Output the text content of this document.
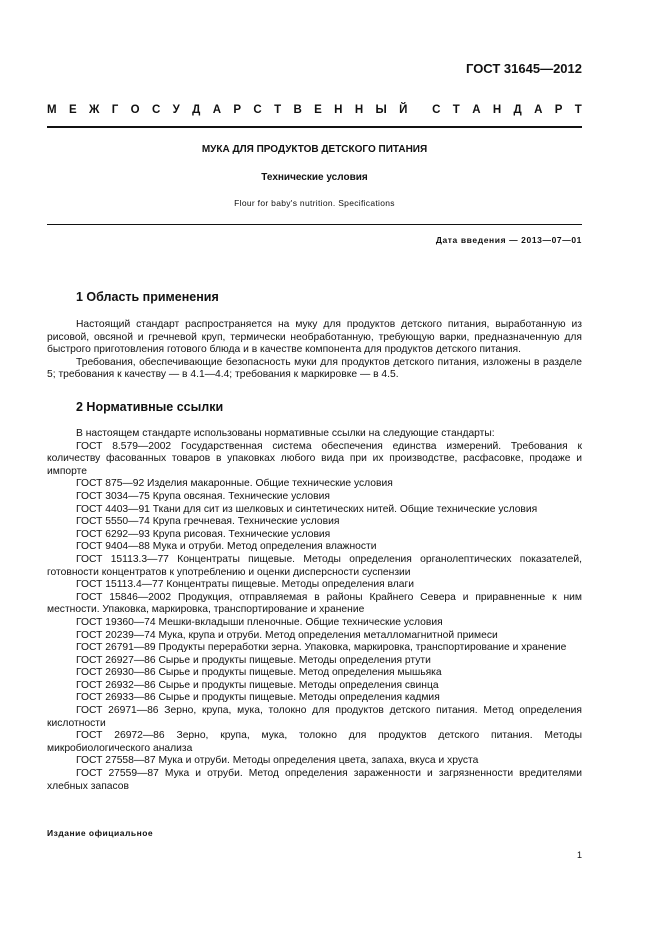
ГОСТ 31645—2012
М Е Ж Г О С У Д А Р С Т В Е Н Н Ы Й С Т А Н Д А Р Т
МУКА ДЛЯ ПРОДУКТОВ ДЕТСКОГО ПИТАНИЯ
Технические условия
Flour for baby's nutrition. Specifications
Дата введения — 2013—07—01
1 Область применения

Настоящий стандарт распространяется на муку для продуктов детского питания, выработанную из рисовой, овсяной и гречневой круп, термически необработанную, требующую варки, предназначенную для быстрого приготовления готового блюда и в качестве компонента для продуктов детского питания.

Требования, обеспечивающие безопасность муки для продуктов детского питания, изложены в разделе 5; требования к качеству — в 4.1—4.4; требования к маркировке — в 4.5.

2 Нормативные ссылки

В настоящем стандарте использованы нормативные ссылки на следующие стандарты:

ГОСТ 8.579—2002 Государственная система обеспечения единства измерений. Требования к количеству фасованных товаров в упаковках любого вида при их производстве, расфасовке, продаже и импорте

ГОСТ 875—92 Изделия макаронные. Общие технические условия

ГОСТ 3034—75 Крупа овсяная. Технические условия

ГОСТ 4403—91 Ткани для сит из шелковых и синтетических нитей. Общие технические условия

ГОСТ 5550—74 Крупа гречневая. Технические условия

ГОСТ 6292—93 Крупа рисовая. Технические условия

ГОСТ 9404—88 Мука и отруби. Метод определения влажности

ГОСТ 15113.3—77 Концентраты пищевые. Методы определения органолептических показателей, готовности концентратов к употреблению и оценки дисперсности суспензии

ГОСТ 15113.4—77 Концентраты пищевые. Методы определения влаги

ГОСТ 15846—2002 Продукция, отправляемая в районы Крайнего Севера и приравненные к ним местности. Упаковка, маркировка, транспортирование и хранение

ГОСТ 19360—74 Мешки-вкладыши пленочные. Общие технические условия

ГОСТ 20239—74 Мука, крупа и отруби. Метод определения металломагнитной примеси

ГОСТ 26791—89 Продукты переработки зерна. Упаковка, маркировка, транспортирование и хранение

ГОСТ 26927—86 Сырье и продукты пищевые. Методы определения ртути

ГОСТ 26930—86 Сырье и продукты пищевые. Метод определения мышьяка

ГОСТ 26932—86 Сырье и продукты пищевые. Методы определения свинца

ГОСТ 26933—86 Сырье и продукты пищевые. Методы определения кадмия

ГОСТ 26971—86 Зерно, крупа, мука, толокно для продуктов детского питания. Метод определения кислотности

ГОСТ 26972—86 Зерно, крупа, мука, толокно для продуктов детского питания. Методы микробиологического анализа

ГОСТ 27558—87 Мука и отруби. Методы определения цвета, запаха, вкуса и хруста

ГОСТ 27559—87 Мука и отруби. Метод определения зараженности и загрязненности вредителями хлебных запасов

Издание официальное
1
